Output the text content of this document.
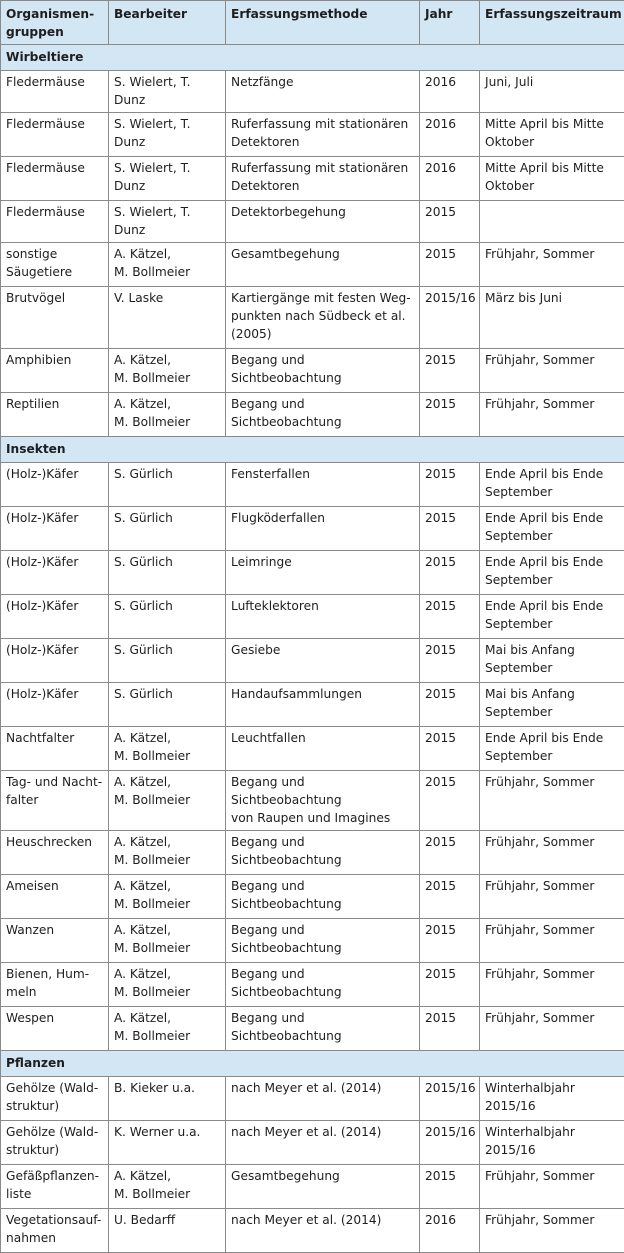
Organismen-
gruppen	Bearbeiter	Erfassungsmethode	Jahr	Erfassungszeitraum

Wirbeltiere				

Fledermäuse	S. Wielert, T. Dunz	Netzfänge	2016	Juni, Juli

Fledermäuse	S. Wielert, T. Dunz	Ruferfassung mit stationären
Detektoren	2016	Mitte April bis Mitte
Oktober

Fledermäuse	S. Wielert, T. Dunz	Ruferfassung mit stationären
Detektoren	2016	Mitte April bis Mitte
Oktober

Fledermäuse	S. Wielert, T. Dunz	Detektorbegehung	2015	

sonstige
Säugetiere	A. Kätzel,
M. Bollmeier	Gesamtbegehung	2015	Frühjahr, Sommer

Brutvögel	V. Laske	Kartiergänge mit festen Weg-
punkten nach Südbeck et al.
(2005)	2015/16	März bis Juni

Amphibien	A. Kätzel,
M. Bollmeier	Begang und Sichtbeobachtung	2015	Frühjahr, Sommer

Reptilien	A. Kätzel,
M. Bollmeier	Begang und Sichtbeobachtung	2015	Frühjahr, Sommer

Insekten				

(Holz-)Käfer	S. Gürlich	Fensterfallen	2015	Ende April bis Ende
September

(Holz-)Käfer	S. Gürlich	Flugköderfallen	2015	Ende April bis Ende
September

(Holz-)Käfer	S. Gürlich	Leimringe	2015	Ende April bis Ende
September

(Holz-)Käfer	S. Gürlich	Lufteklektoren	2015	Ende April bis Ende
September

(Holz-)Käfer	S. Gürlich	Gesiebe	2015	Mai bis Anfang
September

(Holz-)Käfer	S. Gürlich	Handaufsammlungen	2015	Mai bis Anfang
September

Nachtfalter	A. Kätzel,
M. Bollmeier	Leuchtfallen	2015	Ende April bis Ende
September

Tag- und Nacht-
falter	A. Kätzel,
M. Bollmeier	Begang und Sichtbeobachtung
von Raupen und Imagines	2015	Frühjahr, Sommer

Heuschrecken	A. Kätzel,
M. Bollmeier	Begang und Sichtbeobachtung	2015	Frühjahr, Sommer

Ameisen	A. Kätzel,
M. Bollmeier	Begang und Sichtbeobachtung	2015	Frühjahr, Sommer

Wanzen	A. Kätzel,
M. Bollmeier	Begang und Sichtbeobachtung	2015	Frühjahr, Sommer

Bienen, Hum-
meln	A. Kätzel,
M. Bollmeier	Begang und Sichtbeobachtung	2015	Frühjahr, Sommer

Wespen	A. Kätzel,
M. Bollmeier	Begang und Sichtbeobachtung	2015	Frühjahr, Sommer

Pflanzen				

Gehölze (Wald-
struktur)	B. Kieker u.a.	nach Meyer et al. (2014)	2015/16	Winterhalbjahr
2015/16

Gehölze (Wald-
struktur)	K. Werner u.a.	nach Meyer et al. (2014)	2015/16	Winterhalbjahr
2015/16

Gefäßpflanzen-
liste	A. Kätzel,
M. Bollmeier	Gesamtbegehung	2015	Frühjahr, Sommer

Vegetationsauf-
nahmen	U. Bedarff	nach Meyer et al. (2014)	2016	Frühjahr, Sommer
